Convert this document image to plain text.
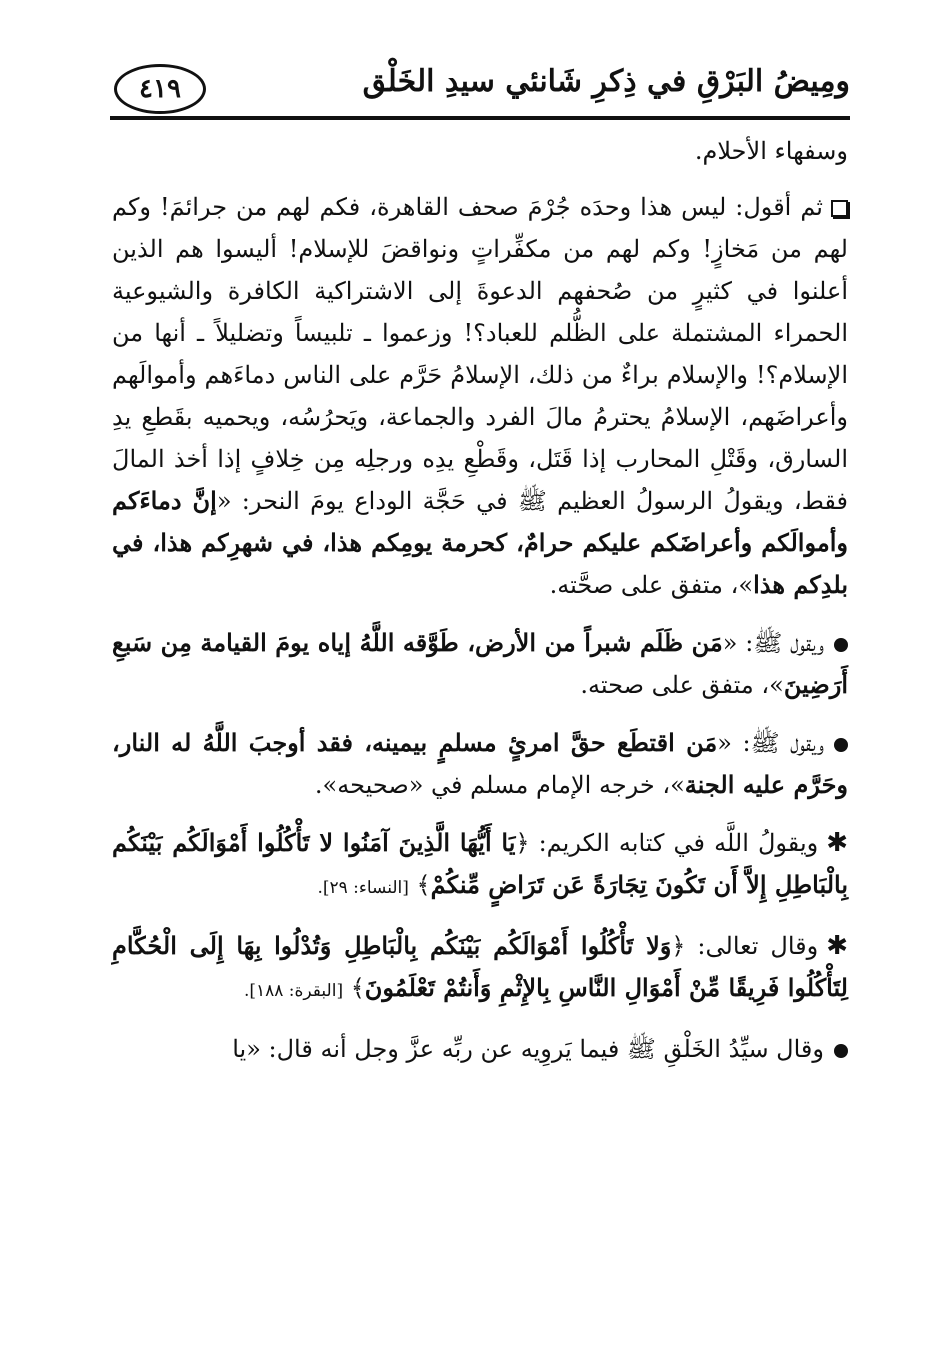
ومِيضُ البَرْقِ في ذِكرِ شَانئي سيدِ الخَلْق
٤١٩

وسفهاء الأحلام.

ثم أقول: ليس هذا وحدَه جُرْمَ صحف القاهرة، فكم لهم من جرائمَ! وكم لهم من مَخازٍ! وكم لهم من مكفِّراتٍ ونواقضَ للإسلام! أليسوا هم الذين أعلنوا في كثيرٍ من صُحفهم الدعوةَ إلى الاشتراكية الكافرة والشيوعية الحمراء المشتملة على الظُّلم للعباد؟! وزعموا ـ تلبيساً وتضليلاً ـ أنها من الإسلام؟! والإسلام براءٌ من ذلك، الإسلامُ حَرَّم على الناس دماءَهم وأموالَهم وأعراضَهم، الإسلامُ يحترمُ مالَ الفرد والجماعة، ويَحرُسُه، ويحميه بقَطعِ يدِ السارق، وقَتْلِ المحارب إذا قَتَل، وقَطْعِ يدِه ورجلِه مِن خِلافٍ إذا أخذ المالَ فقط، ويقولُ الرسولُ العظيم ﷺ في حَجَّة الوداع يومَ النحر: «إنَّ دماءَكم وأموالَكم وأعراضَكم عليكم حرامٌ، كحرمة يومِكم هذا، في شهرِكم هذا، في بلدِكم هذا»، متفق على صحَّته.

ويقول ﷺ: «مَن ظَلَم شبراً من الأرض، طَوَّقه اللَّهُ إياه يومَ القيامة مِن سَبعِ أَرَضِينَ»، متفق على صحته.

ويقول ﷺ: «مَن اقتطَع حقَّ امرئٍ مسلمٍ بيمينه، فقد أوجبَ اللَّهُ له النار، وحَرَّم عليه الجنة»، خرجه الإمام مسلم في «صحيحه».

✱ويقولُ اللَّه في كتابه الكريم: ﴿يَا أَيُّهَا الَّذِينَ آمَنُوا لا تَأْكُلُوا أَمْوَالَكُم بَيْنَكُم بِالْبَاطِلِ إِلاَّ أَن تَكُونَ تِجَارَةً عَن تَرَاضٍ مِّنكُمْ﴾ [النساء: ٢٩].

✱وقال تعالى: ﴿وَلا تَأْكُلُوا أَمْوَالَكُم بَيْنَكُم بِالْبَاطِلِ وَتُدْلُوا بِهَا إِلَى الْحُكَّامِ لِتَأْكُلُوا فَرِيقًا مِّنْ أَمْوَالِ النَّاسِ بِالإِثْمِ وَأَنتُمْ تَعْلَمُونَ﴾ [البقرة: ١٨٨].

وقال سيِّدُ الخَلْقِ ﷺ فيما يَروِيه عن ربِّه عزَّ وجل أنه قال: «يا
